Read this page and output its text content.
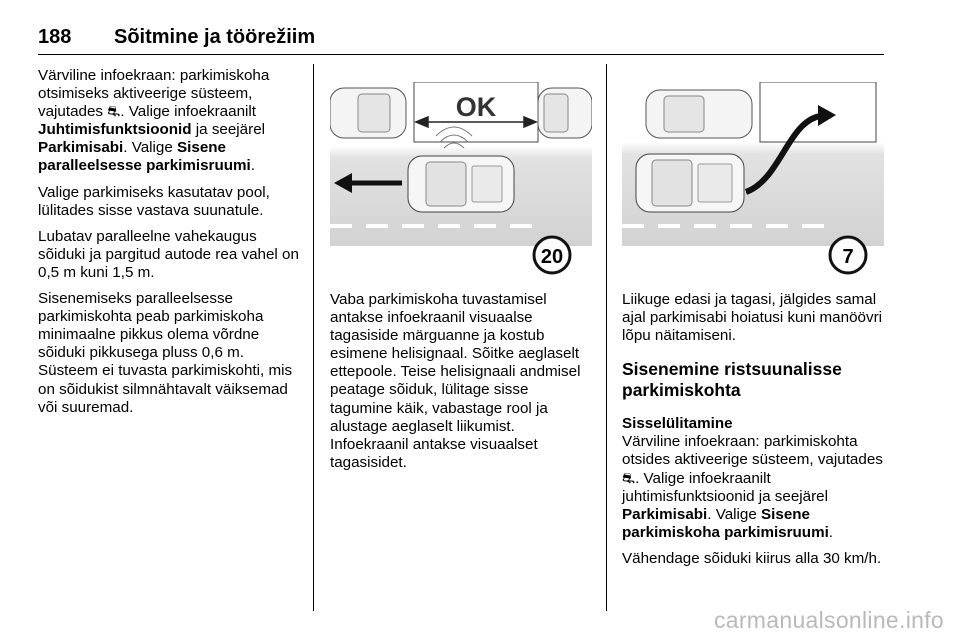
188 Sõitmine ja töörežiim

Värviline infoekraan: parkimiskoha otsimiseks aktiveerige süsteem, vajutades ⛐. Valige infoekraanilt Juhtimisfunktsioonid ja seejärel Parkimisabi. Valige Sisene paralleelsesse parkimisruumi.

Valige parkimiseks kasutatav pool, lülitades sisse vastava suunatule.

Lubatav paralleelne vahekaugus sõiduki ja pargitud autode rea vahel on 0,5 m kuni 1,5 m.

Sisenemiseks paralleelsesse parkimiskohta peab parkimiskoha minimaalne pikkus olema võrdne sõiduki pikkusega pluss 0,6 m. Süsteem ei tuvasta parkimiskohti, mis on sõidukist silmnähtavalt väiksemad või suuremad.

OK
20	7

Vaba parkimiskoha tuvastamisel antakse infoekraanil visuaalse tagasiside märguanne ja kostub esimene helisignaal. Sõitke aeglaselt ettepoole. Teise helisignaali andmisel peatage sõiduk, lülitage sisse tagumine käik, vabastage rool ja alustage aeglaselt liikumist. Infoekraanil antakse visuaalset tagasisidet.

Liikuge edasi ja tagasi, jälgides samal ajal parkimisabi hoiatusi kuni manöövri lõpu näitamiseni.

Sisenemine ristsuunalisse parkimiskohta
Sisselülitamine

Värviline infoekraan: parkimiskohta otsides aktiveerige süsteem, vajutades ⛐. Valige infoekraanilt juhtimisfunktsioonid ja seejärel Parkimisabi. Valige Sisene parkimiskoha parkimisruumi.

Vähendage sõiduki kiirus alla 30 km/h.

carmanualsonline.info
